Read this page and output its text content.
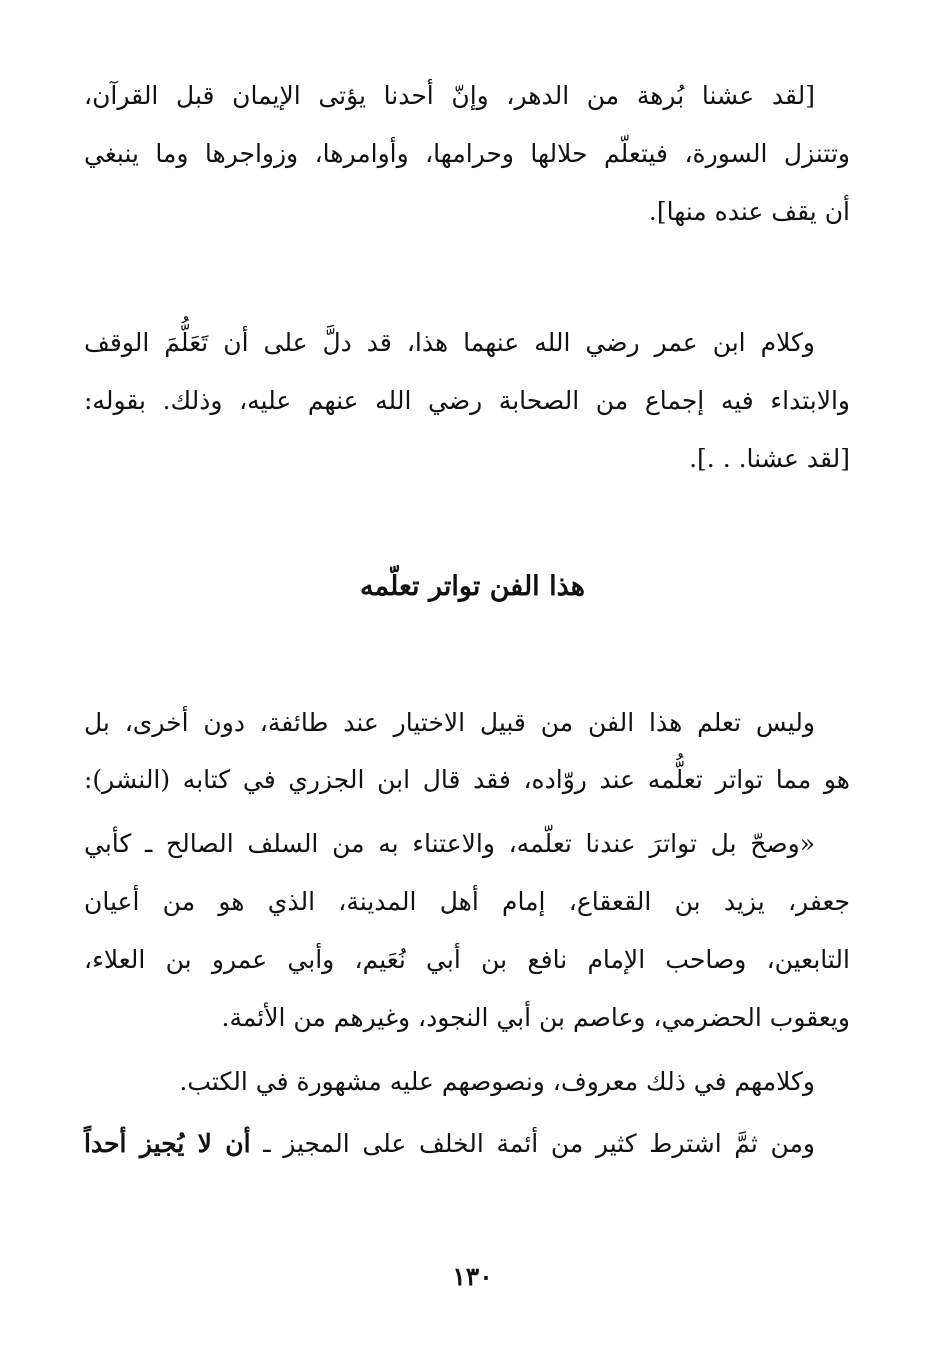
[لقد عشنا بُرهة من الدهر، وإنّ أحدنا يؤتى الإيمان قبل القرآن،
وتتنزل السورة، فيتعلّم حلالها وحرامها، وأوامرها، وزواجرها وما ينبغي
أن يقف عنده منها].
وكلام ابن عمر رضي الله عنهما هذا، قد دلَّ على أن تَعَلُّمَ الوقف
والابتداء فيه إجماع من الصحابة رضي الله عنهم عليه، وذلك. بقوله:
[لقد عشنا. . .].
هذا الفن تواتر تعلّمه
وليس تعلم هذا الفن من قبيل الاختيار عند طائفة، دون أخرى، بل
هو مما تواتر تعلُّمه عند روّاده، فقد قال ابن الجزري في كتابه (النشر):
«وصحّ بل تواترَ عندنا تعلّمه، والاعتناء به من السلف الصالح ـ كأبي
جعفر، يزيد بن القعقاع، إمام أهل المدينة، الذي هو من أعيان
التابعين، وصاحب الإمام نافع بن أبي نُعَيم، وأبي عمرو بن العلاء،
ويعقوب الحضرمي، وعاصم بن أبي النجود، وغيرهم من الأئمة.
وكلامهم في ذلك معروف، ونصوصهم عليه مشهورة في الكتب.
ومن ثمَّ اشترط كثير من أئمة الخلف على المجيز ـ أن لا يُجيز أحداً
١٣٠
